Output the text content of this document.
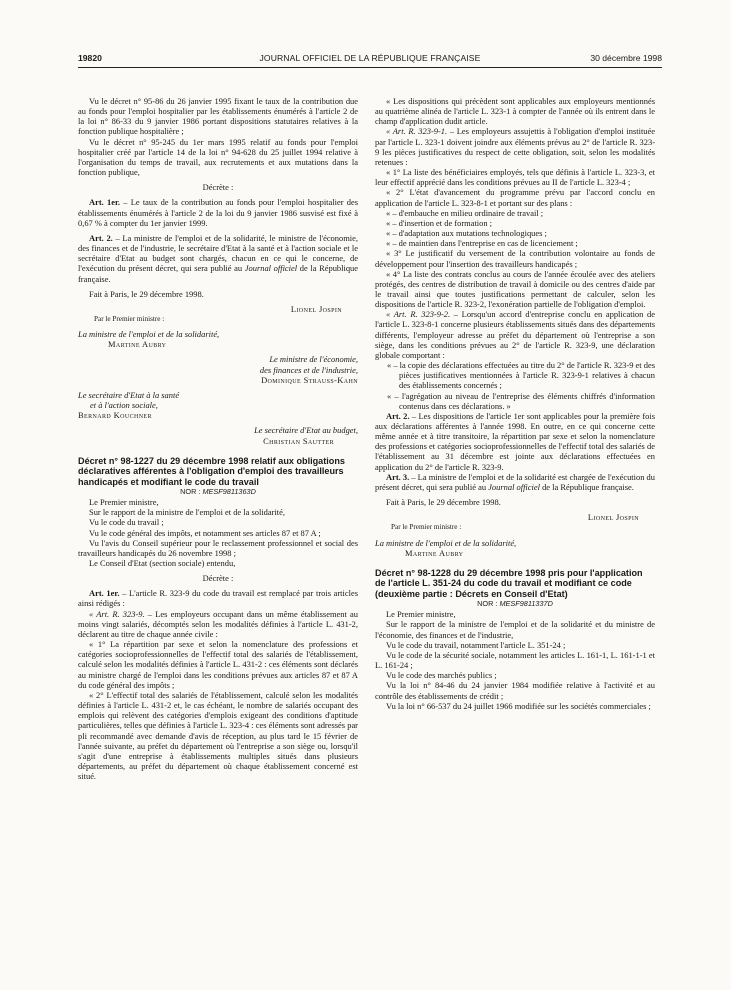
19820	JOURNAL OFFICIEL DE LA RÉPUBLIQUE FRANÇAISE	30 décembre 1998

Vu le décret n° 95-86 du 26 janvier 1995 fixant le taux de la contribution due au fonds pour l'emploi hospitalier par les établissements énumérés à l'article 2 de la loi n° 86-33 du 9 janvier 1986 portant dispositions statutaires relatives à la fonction publique hospitalière ;

Vu le décret n° 95-245 du 1er mars 1995 relatif au fonds pour l'emploi hospitalier créé par l'article 14 de la loi n° 94-628 du 25 juillet 1994 relative à l'organisation du temps de travail, aux recrutements et aux mutations dans la fonction publique,

Décrète :

Art. 1er. – Le taux de la contribution au fonds pour l'emploi hospitalier des établissements énumérés à l'article 2 de la loi du 9 janvier 1986 susvisé est fixé à 0,67 % à compter du 1er janvier 1999.

Art. 2. – La ministre de l'emploi et de la solidarité, le ministre de l'économie, des finances et de l'industrie, le secrétaire d'Etat à la santé et à l'action sociale et le secrétaire d'Etat au budget sont chargés, chacun en ce qui le concerne, de l'exécution du présent décret, qui sera publié au Journal officiel de la République française.

Fait à Paris, le 29 décembre 1998.

Lionel Jospin

Par le Premier ministre :

La ministre de l'emploi et de la solidarité,

Martine Aubry

Le ministre de l'économie,

des finances et de l'industrie,

Dominique Strauss-Kahn

Le secrétaire d'Etat à la santé

et à l'action sociale,

Bernard Kouchner

Le secrétaire d'Etat au budget,

Christian Sautter

Décret n° 98-1227 du 29 décembre 1998 relatif aux obligations déclaratives afférentes à l'obligation d'emploi des travailleurs handicapés et modifiant le code du travail

NOR : MESF9811363D

Le Premier ministre,

Sur le rapport de la ministre de l'emploi et de la solidarité,

Vu le code du travail ;

Vu le code général des impôts, et notamment ses articles 87 et 87 A ;

Vu l'avis du Conseil supérieur pour le reclassement professionnel et social des travailleurs handicapés du 26 novembre 1998 ;

Le Conseil d'Etat (section sociale) entendu,

Décrète :

Art. 1er. – L'article R. 323-9 du code du travail est remplacé par trois articles ainsi rédigés :

« Art. R. 323-9. – Les employeurs occupant dans un même établissement au moins vingt salariés, décomptés selon les modalités définies à l'article L. 431-2, déclarent au titre de chaque année civile :

« 1° La répartition par sexe et selon la nomenclature des professions et catégories socioprofessionnelles de l'effectif total des salariés de l'établissement, calculé selon les modalités définies à l'article L. 431-2 : ces éléments sont déclarés au ministre chargé de l'emploi dans les conditions prévues aux articles 87 et 87 A du code général des impôts ;

« 2° L'effectif total des salariés de l'établissement, calculé selon les modalités définies à l'article L. 431-2 et, le cas échéant, le nombre de salariés occupant des emplois qui relèvent des catégories d'emplois exigeant des conditions d'aptitude particulières, telles que définies à l'article L. 323-4 : ces éléments sont adressés par pli recommandé avec demande d'avis de réception, au plus tard le 15 février de l'année suivante, au préfet du département où l'entreprise a son siège ou, lorsqu'il s'agit d'une entreprise à établissements multiples situés dans plusieurs départements, au préfet du département où chaque établissement concerné est situé.

« Les dispositions qui précèdent sont applicables aux employeurs mentionnés au quatrième alinéa de l'article L. 323-1 à compter de l'année où ils entrent dans le champ d'application dudit article.

« Art. R. 323-9-1. – Les employeurs assujettis à l'obligation d'emploi instituée par l'article L. 323-1 doivent joindre aux éléments prévus au 2° de l'article R. 323-9 les pièces justificatives du respect de cette obligation, soit, selon les modalités retenues :

« 1° La liste des bénéficiaires employés, tels que définis à l'article L. 323-3, et leur effectif apprécié dans les conditions prévues au II de l'article L. 323-4 ;

« 2° L'état d'avancement du programme prévu par l'accord conclu en application de l'article L. 323-8-1 et portant sur des plans :

« – d'embauche en milieu ordinaire de travail ;

« – d'insertion et de formation ;

« – d'adaptation aux mutations technologiques ;

« – de maintien dans l'entreprise en cas de licenciement ;

« 3° Le justificatif du versement de la contribution volontaire au fonds de développement pour l'insertion des travailleurs handicapés ;

« 4° La liste des contrats conclus au cours de l'année écoulée avec des ateliers protégés, des centres de distribution de travail à domicile ou des centres d'aide par le travail ainsi que toutes justifications permettant de calculer, selon les dispositions de l'article R. 323-2, l'exonération partielle de l'obligation d'emploi.

« Art. R. 323-9-2. – Lorsqu'un accord d'entreprise conclu en application de l'article L. 323-8-1 concerne plusieurs établissements situés dans des départements différents, l'employeur adresse au préfet du département où l'entreprise a son siège, dans les conditions prévues au 2° de l'article R. 323-9, une déclaration globale comportant :

« – la copie des déclarations effectuées au titre du 2° de l'article R. 323-9 et des pièces justificatives mentionnées à l'article R. 323-9-1 relatives à chacun des établissements concernés ;

« – l'agrégation au niveau de l'entreprise des éléments chiffrés d'information contenus dans ces déclarations. »

Art. 2. – Les dispositions de l'article 1er sont applicables pour la première fois aux déclarations afférentes à l'année 1998. En outre, en ce qui concerne cette même année et à titre transitoire, la répartition par sexe et selon la nomenclature des professions et catégories socioprofessionnelles de l'effectif total des salariés de l'établissement au 31 décembre est jointe aux déclarations effectuées en application du 2° de l'article R. 323-9.

Art. 3. – La ministre de l'emploi et de la solidarité est chargée de l'exécution du présent décret, qui sera publié au Journal officiel de la République française.

Fait à Paris, le 29 décembre 1998.

Lionel Jospin

Par le Premier ministre :

La ministre de l'emploi et de la solidarité,

Martine Aubry

Décret n° 98-1228 du 29 décembre 1998 pris pour l'application de l'article L. 351-24 du code du travail et modifiant ce code (deuxième partie : Décrets en Conseil d'Etat)

NOR : MESF9811337D

Le Premier ministre,

Sur le rapport de la ministre de l'emploi et de la solidarité et du ministre de l'économie, des finances et de l'industrie,

Vu le code du travail, notamment l'article L. 351-24 ;

Vu le code de la sécurité sociale, notamment les articles L. 161-1, L. 161-1-1 et L. 161-24 ;

Vu le code des marchés publics ;

Vu la loi n° 84-46 du 24 janvier 1984 modifiée relative à l'activité et au contrôle des établissements de crédit ;

Vu la loi n° 66-537 du 24 juillet 1966 modifiée sur les sociétés commerciales ;
